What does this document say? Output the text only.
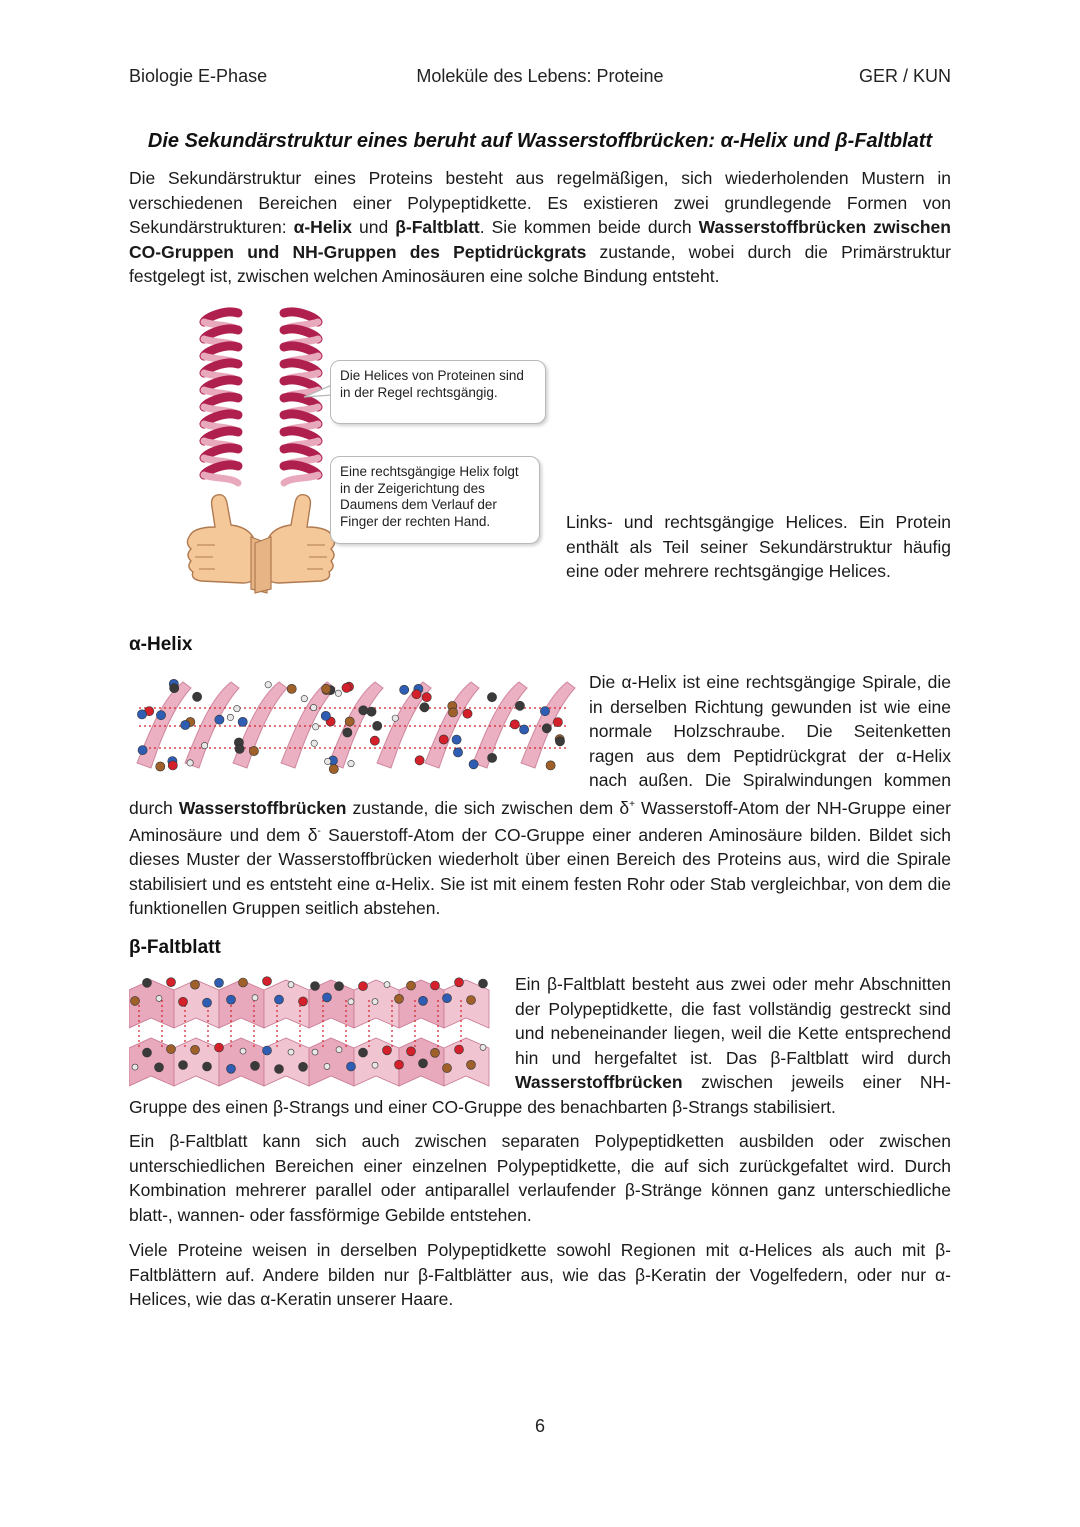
Biologie E-Phase	Moleküle des Lebens: Proteine	GER / KUN
Die Sekundärstruktur eines beruht auf Wasserstoffbrücken: α-Helix und β-Faltblatt
Die Sekundärstruktur eines Proteins besteht aus regelmäßigen, sich wiederholenden Mustern in verschiedenen Bereichen einer Polypeptidkette. Es existieren zwei grundlegende Formen von Sekundärstrukturen: α-Helix und β-Faltblatt. Sie kommen beide durch Wasserstoffbrücken zwischen CO-Gruppen und NH-Gruppen des Peptidrückgrats zustande, wobei durch die Primärstruktur festgelegt ist, zwischen welchen Aminosäuren eine solche Bindung entsteht.
Die Helices von Proteinen sind in der Regel rechtsgängig.
Eine rechtsgängige Helix folgt in der Zeigerichtung des Daumens dem Verlauf der Finger der rechten Hand.	Links- und rechtsgängige Helices. Ein Protein enthält als Teil seiner Sekundärstruktur häufig eine oder mehrere rechtsgängige Helices.
α-Helix
Die α-Helix ist eine rechtsgängige Spirale, die in derselben Richtung gewunden ist wie eine normale Holzschraube. Die Seitenketten ragen aus dem Peptidrückgrat der α-Helix nach außen. Die Spiralwindungen kommen durch Wasserstoffbrücken zustande, die sich zwischen dem δ+ Wasserstoff-Atom der NH-Gruppe einer Aminosäure und dem δ- Sauerstoff-Atom der CO-Gruppe einer anderen Aminosäure bilden. Bildet sich dieses Muster der Wasserstoffbrücken wiederholt über einen Bereich des Proteins aus, wird die Spirale stabilisiert und es entsteht eine α-Helix. Sie ist mit einem festen Rohr oder Stab vergleichbar, von dem die funktionellen Gruppen seitlich abstehen.
β-Faltblatt
Ein β-Faltblatt besteht aus zwei oder mehr Abschnitten der Polypeptidkette, die fast vollständig gestreckt sind und nebeneinander liegen, weil die Kette entsprechend hin und hergefaltet ist. Das β-Faltblatt wird durch Wasserstoffbrücken zwischen jeweils einer NH-Gruppe des einen β-Strangs und einer CO-Gruppe des benachbarten β-Strangs stabilisiert.
Ein β-Faltblatt kann sich auch zwischen separaten Polypeptidketten ausbilden oder zwischen unterschiedlichen Bereichen einer einzelnen Polypeptidkette, die auf sich zurückgefaltet wird. Durch Kombination mehrerer parallel oder antiparallel verlaufender β-Stränge können ganz unterschiedliche blatt-, wannen- oder fassförmige Gebilde entstehen.
Viele Proteine weisen in derselben Polypeptidkette sowohl Regionen mit α-Helices als auch mit β-Faltblättern auf. Andere bilden nur β-Faltblätter aus, wie das β-Keratin der Vogelfedern, oder nur α-Helices, wie das α-Keratin unserer Haare.
6
